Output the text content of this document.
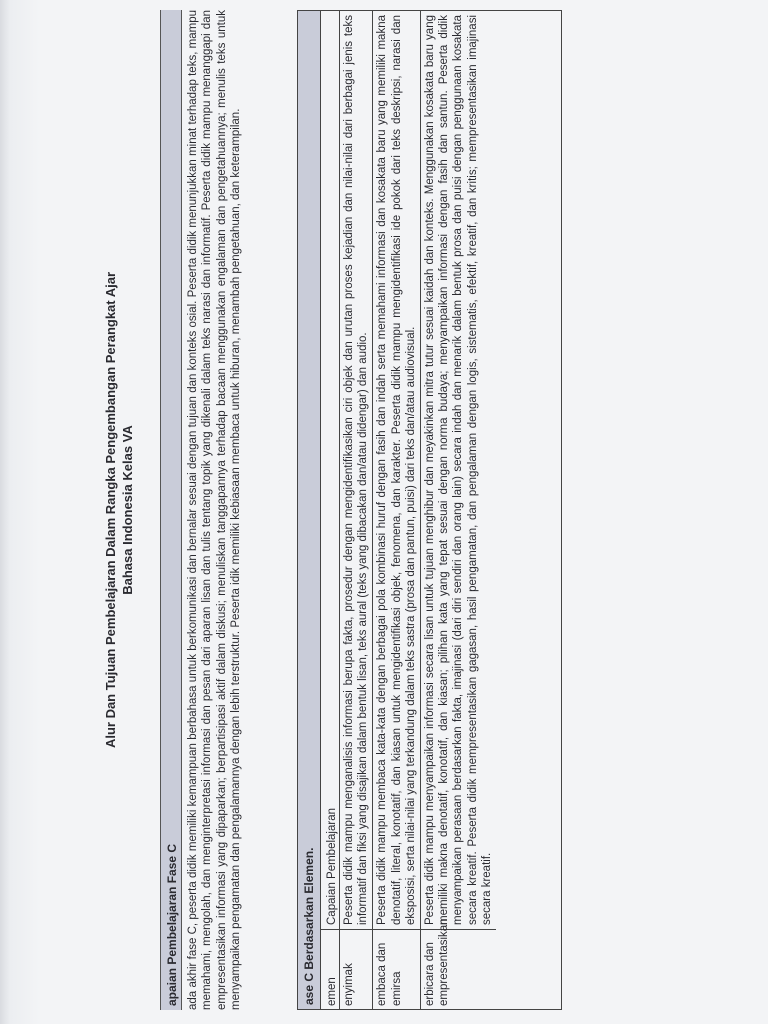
Alur Dan Tujuan Pembelajaran Dalam Rangka Pengembangan Perangkat Ajar Bahasa Indonesia Kelas VA
apaian Pembelajaran Fase C ada akhir fase C, peserta didik memiliki kemampuan berbahasa untuk berkomunikasi dan bernalar sesuai dengan tujuan dan konteks osial. Peserta didik menunjukkan minat terhadap teks, mampu memahami, mengolah, dan menginterpretasi informasi dan pesan dari aparan lisan dan tulis tentang topik yang dikenali dalam teks narasi dan informatif. Peserta didik mampu menanggapi dan empresentasikan informasi yang dipaparkan; berpartisipasi aktif dalam diskusi; menuliskan tanggapannya terhadap bacaan menggunakan engalaman dan pengetahuannya; menulis teks untuk menyampaikan pengamatan dan pengalamannya dengan lebih terstruktur. Peserta idik memiliki kebiasaan membaca untuk hiburan, menambah pengetahuan, dan keterampilan.	ase C Berdasarkan Elemen. emen
Capaian Pembelajaran
enyimak
Peserta didik mampu menganalisis informasi berupa fakta, prosedur dengan mengidentifikasikan ciri objek dan urutan proses kejadian dan nilai-nilai dari berbagai jenis teks informatif dan fiksi yang disajikan dalam bentuk lisan, teks aural (teks yang dibacakan dan/atau didengar) dan audio.
embaca dan emirsa
Peserta didik mampu membaca kata-kata dengan berbagai pola kombinasi huruf dengan fasih dan indah serta memahami informasi dan kosakata baru yang memiliki makna denotatif, literal, konotatif, dan kiasan untuk mengidentifikasi objek, fenomena, dan karakter. Peserta didik mampu mengidentifikasi ide pokok dari teks deskripsi, narasi dan eksposisi, serta nilai-nilai yang terkandung dalam teks sastra (prosa dan pantun, puisi) dari teks dan/atau audiovisual.
erbicara dan empresentasikan
Peserta didik mampu menyampaikan informasi secara lisan untuk tujuan menghibur dan meyakinkan mitra tutur sesuai kaidah dan konteks. Menggunakan kosakata baru yang memiliki makna denotatif, konotatif, dan kiasan; pilihan kata yang tepat sesuai dengan norma budaya; menyampaikan informasi dengan fasih dan santun. Peserta didik menyampaikan perasaan berdasarkan fakta, imajinasi (dari diri sendiri dan orang lain) secara indah dan menarik dalam bentuk prosa dan puisi dengan penggunaan kosakata secara kreatif. Peserta didik mempresentasikan gagasan, hasil pengamatan, dan pengalaman dengan logis, sistematis, efektif, kreatif, dan kritis; mempresentasikan imajinasi secara kreatif.
